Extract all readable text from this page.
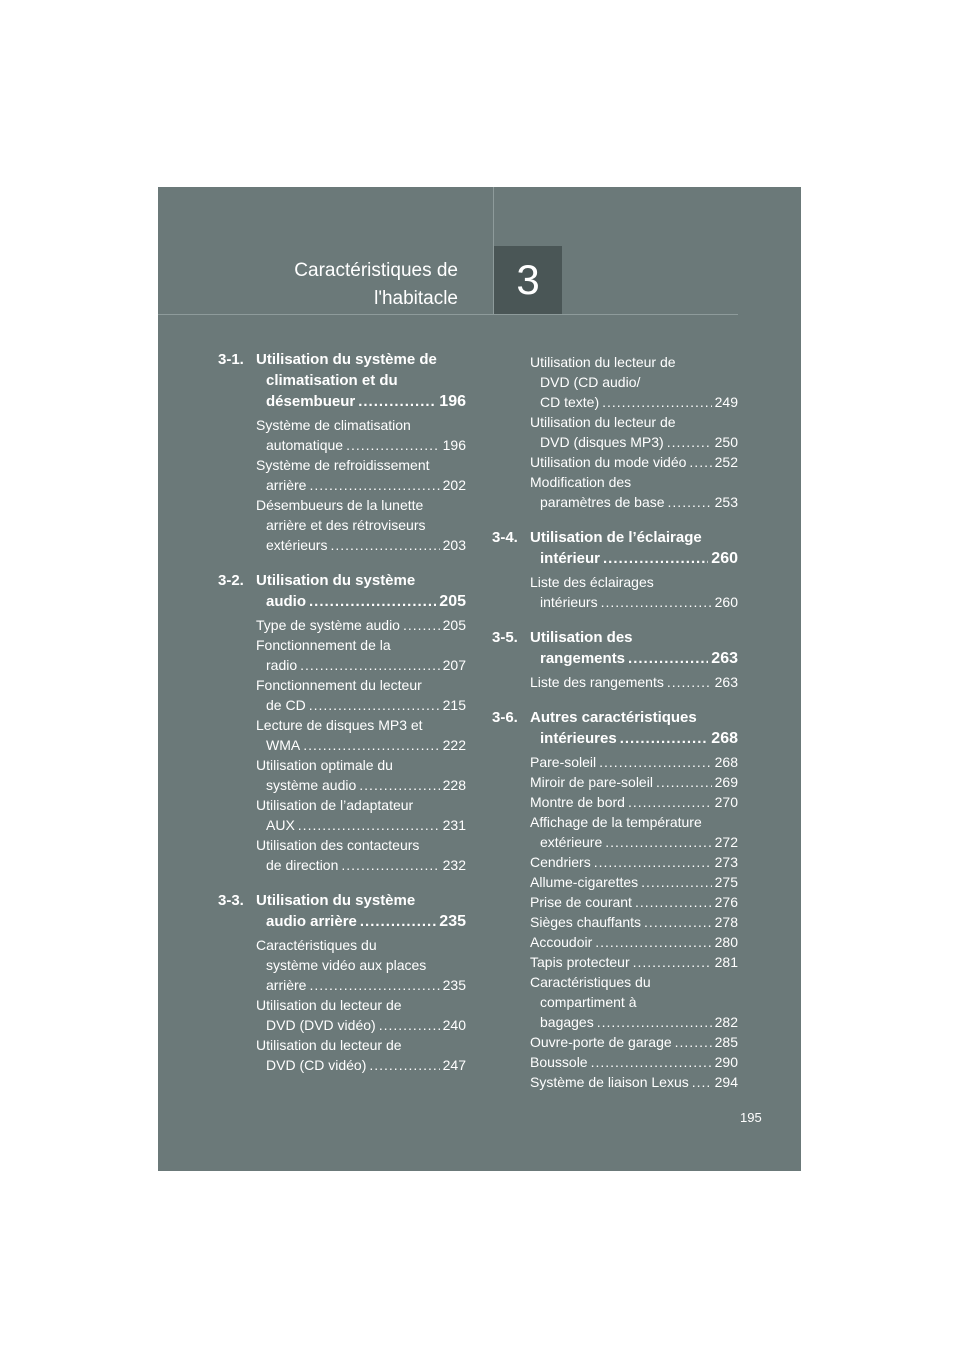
Caractéristiques de
l'habitacle	3
3-1. Utilisation du système de
climatisation et du
désembueur .....	196
Système de climatisation
automatique .....	196
Système de refroidissement
arrière .....	202
Désembueurs de la lunette
arrière et des rétroviseurs
extérieurs .....	203
3-2. Utilisation du système
audio .....	205
Type de système audio .....	205
Fonctionnement de la
radio .....	207
Fonctionnement du lecteur
de CD .....	215
Lecture de disques MP3 et
WMA .....	222
Utilisation optimale du
système audio .....	228
Utilisation de l’adaptateur
AUX .....	231
Utilisation des contacteurs
de direction .....	232
3-3. Utilisation du système
audio arrière .....	235
Caractéristiques du
système vidéo aux places
arrière .....	235
Utilisation du lecteur de
DVD (DVD vidéo) .....	240
Utilisation du lecteur de
DVD (CD vidéo) .....	247
Utilisation du lecteur de
DVD (CD audio/
CD texte) .....	249
Utilisation du lecteur de
DVD (disques MP3) .....	250
Utilisation du mode vidéo ..... 252
Modification des
paramètres de base .....	253
3-4. Utilisation de l’éclairage
intérieur .....	260
Liste des éclairages
intérieurs .....	260
3-5. Utilisation des
rangements .....	263
Liste des rangements .....	263
3-6. Autres caractéristiques
intérieures .....	268
Pare-soleil .....	268
Miroir de pare-soleil .....	269
Montre de bord .....	270
Affichage de la température
extérieure .....	272
Cendriers .....	273
Allume-cigarettes .....	275
Prise de courant .....	276
Sièges chauffants .....	278
Accoudoir .....	280
Tapis protecteur .....	281
Caractéristiques du
compartiment à
bagages .....	282
Ouvre-porte de garage .....	285
Boussole .....	290
Système de liaison Lexus ..... 294
195
